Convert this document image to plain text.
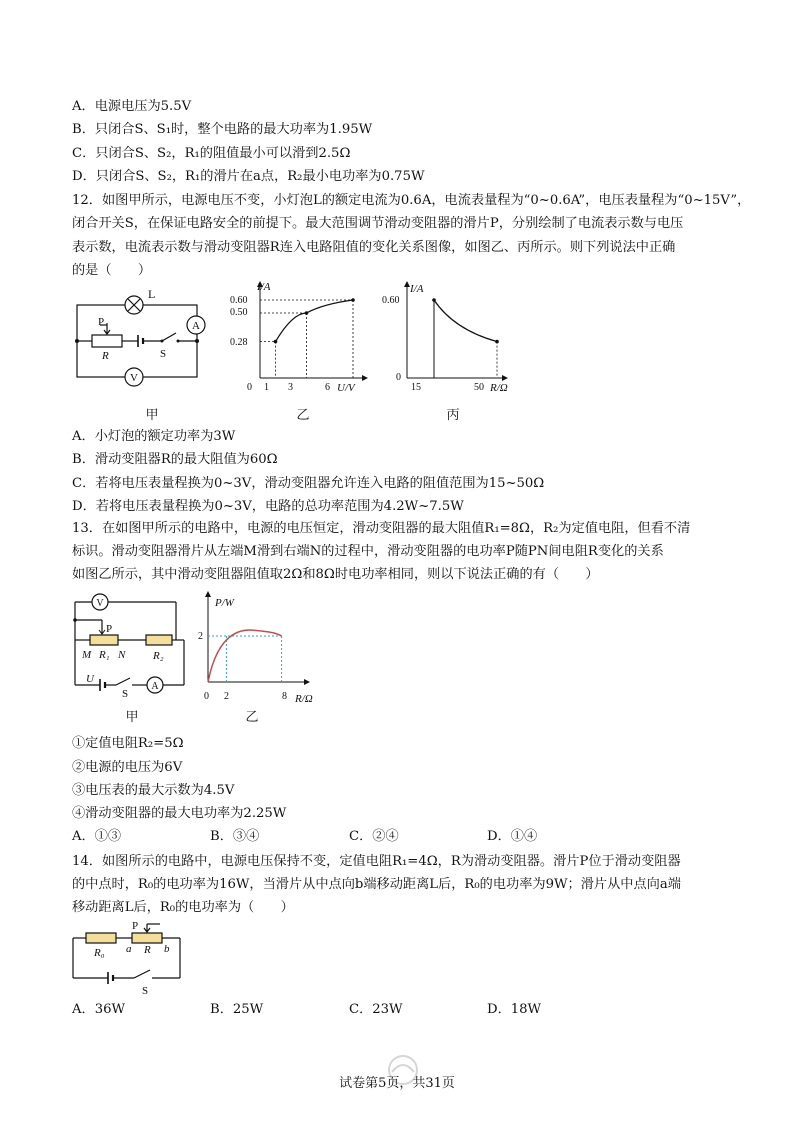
A．电源电压为5.5V
B．只闭合S、S₁时，整个电路的最大功率为1.95W
C．只闭合S、S₂，R₁的阻值最小可以滑到2.5Ω
D．只闭合S、S₂，R₁的滑片在a点，R₂最小电功率为0.75W
12．如图甲所示，电源电压不变，小灯泡L的额定电流为0.6A，电流表量程为“0~0.6A”，电压表量程为“0~15V”，
闭合开关S，在保证电路安全的前提下。最大范围调节滑动变阻器的滑片P，分别绘制了电流表示数与电压
表示数，电流表示数与滑动变阻器R连入电路阻值的变化关系图像，如图乙、丙所示。则下列说法中正确
的是（　　）
L
P
R	S
A
V
I/A
U/V
0 1 3	6
0.28
0.50
0.60
I/A
R/Ω
0
15	50
0.60
甲	乙	丙
A．小灯泡的额定功率为3W
B．滑动变阻器R的最大阻值为60Ω
C．若将电压表量程换为0~3V，滑动变阻器允许连入电路的阻值范围为15~50Ω
D．若将电压表量程换为0~3V，电路的总功率范围为4.2W~7.5W
13．在如图甲所示的电路中，电源的电压恒定，滑动变阻器的最大阻值R₁=8Ω，R₂为定值电阻，但看不清
标识。滑动变阻器滑片从左端M滑到右端N的过程中，滑动变阻器的电功率P随PN间电阻R变化的关系
如图乙所示，其中滑动变阻器阻值取2Ω和8Ω时电功率相同，则以下说法正确的有（　　）
V
P
M R₁ N	R₂
U
S
A
P/W
R/Ω
0 2	8
2
甲	乙
①定值电阻R₂=5Ω
②电源的电压为6V
③电压表的最大示数为4.5V
④滑动变阻器的最大电功率为2.25W
A．①③	B．③④	C．②④	D．①④
14．如图所示的电路中，电源电压保持不变，定值电阻R₁=4Ω，R为滑动变阻器。滑片P位于滑动变阻器
的中点时，R₀的电功率为16W，当滑片从中点向b端移动距离L后，R₀的电功率为9W；滑片从中点向a端
移动距离L后，R₀的电功率为（　　）
R₀ a
P
R b
S
A．36W	B．25W	C．23W	D．18W
试卷第5页，共31页
